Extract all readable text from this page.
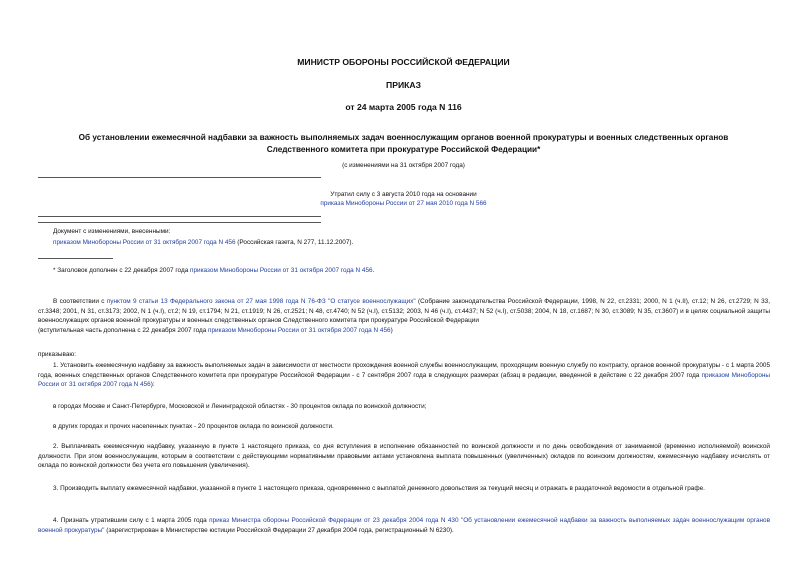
МИНИСТР ОБОРОНЫ РОССИЙСКОЙ ФЕДЕРАЦИИ
ПРИКАЗ
от 24 марта 2005 года N 116
Об установлении ежемесячной надбавки за важность выполняемых задач военнослужащим органов военной прокуратуры и военных следственных органов
Следственного комитета при прокуратуре Российской Федерации*
(с изменениями на 31 октября 2007 года)
Утратил силу с 3 августа 2010 года на основании
приказа Минобороны России от 27 мая 2010 года N 566
Документ с изменениями, внесенными:
приказом Минобороны России от 31 октября 2007 года N 456 (Российская газета, N 277, 11.12.2007).
* Заголовок дополнен с 22 декабря 2007 года приказом Минобороны России от 31 октября 2007 года N 456.
В соответствии с пунктом 9 статьи 13 Федерального закона от 27 мая 1998 года N 76-ФЗ "О статусе военнослужащих" (Собрание законодательства Российской Федерации, 1998, N 22, ст.2331; 2000, N 1 (ч.II), ст.12; N 26, ст.2729; N 33, ст.3348; 2001, N 31, ст.3173; 2002, N 1 (ч.I), ст.2; N 19, ст.1794; N 21, ст.1919; N 26, ст.2521; N 48, ст.4740; N 52 (ч.I), ст.5132; 2003, N 46 (ч.I), ст.4437; N 52 (ч.I), ст.5038; 2004, N 18, ст.1687; N 30, ст.3089; N 35, ст.3607) и в целях социальной защиты военнослужащих органов военной прокуратуры и военных следственных органов Следственного комитета при прокуратуре Российской Федерации
(вступительная часть дополнена с 22 декабря 2007 года приказом Минобороны России от 31 октября 2007 года N 456)
приказываю:
1. Установить ежемесячную надбавку за важность выполняемых задач в зависимости от местности прохождения военной службы военнослужащим, проходящим военную службу по контракту, органов военной прокуратуры - с 1 марта 2005 года, военных следственных органов Следственного комитета при прокуратуре Российской Федерации - с 7 сентября 2007 года в следующих размерах (абзац в редакции, введенной в действие с 22 декабря 2007 года приказом Минобороны России от 31 октября 2007 года N 456):
в городах Москве и Санкт-Петербурге, Московской и Ленинградской областях - 30 процентов оклада по воинской должности;
в других городах и прочих населенных пунктах - 20 процентов оклада по воинской должности.
2. Выплачивать ежемесячную надбавку, указанную в пункте 1 настоящего приказа, со дня вступления в исполнение обязанностей по воинской должности и по день освобождения от занимаемой (временно исполняемой) воинской должности. При этом военнослужащим, которым в соответствии с действующими нормативными правовыми актами установлена выплата повышенных (увеличенных) окладов по воинским должностям, ежемесячную надбавку исчислять от оклада по воинской должности без учета его повышения (увеличения).
3. Производить выплату ежемесячной надбавки, указанной в пункте 1 настоящего приказа, одновременно с выплатой денежного довольствия за текущий месяц и отражать в раздаточной ведомости в отдельной графе.
4. Признать утратившим силу с 1 марта 2005 года приказ Министра обороны Российской Федерации от 23 декабря 2004 года N 430 "Об установлении ежемесячной надбавки за важность выполняемых задач военнослужащим органов военной прокуратуры" (зарегистрирован в Министерстве юстиции Российской Федерации 27 декабря 2004 года, регистрационный N 6230).
